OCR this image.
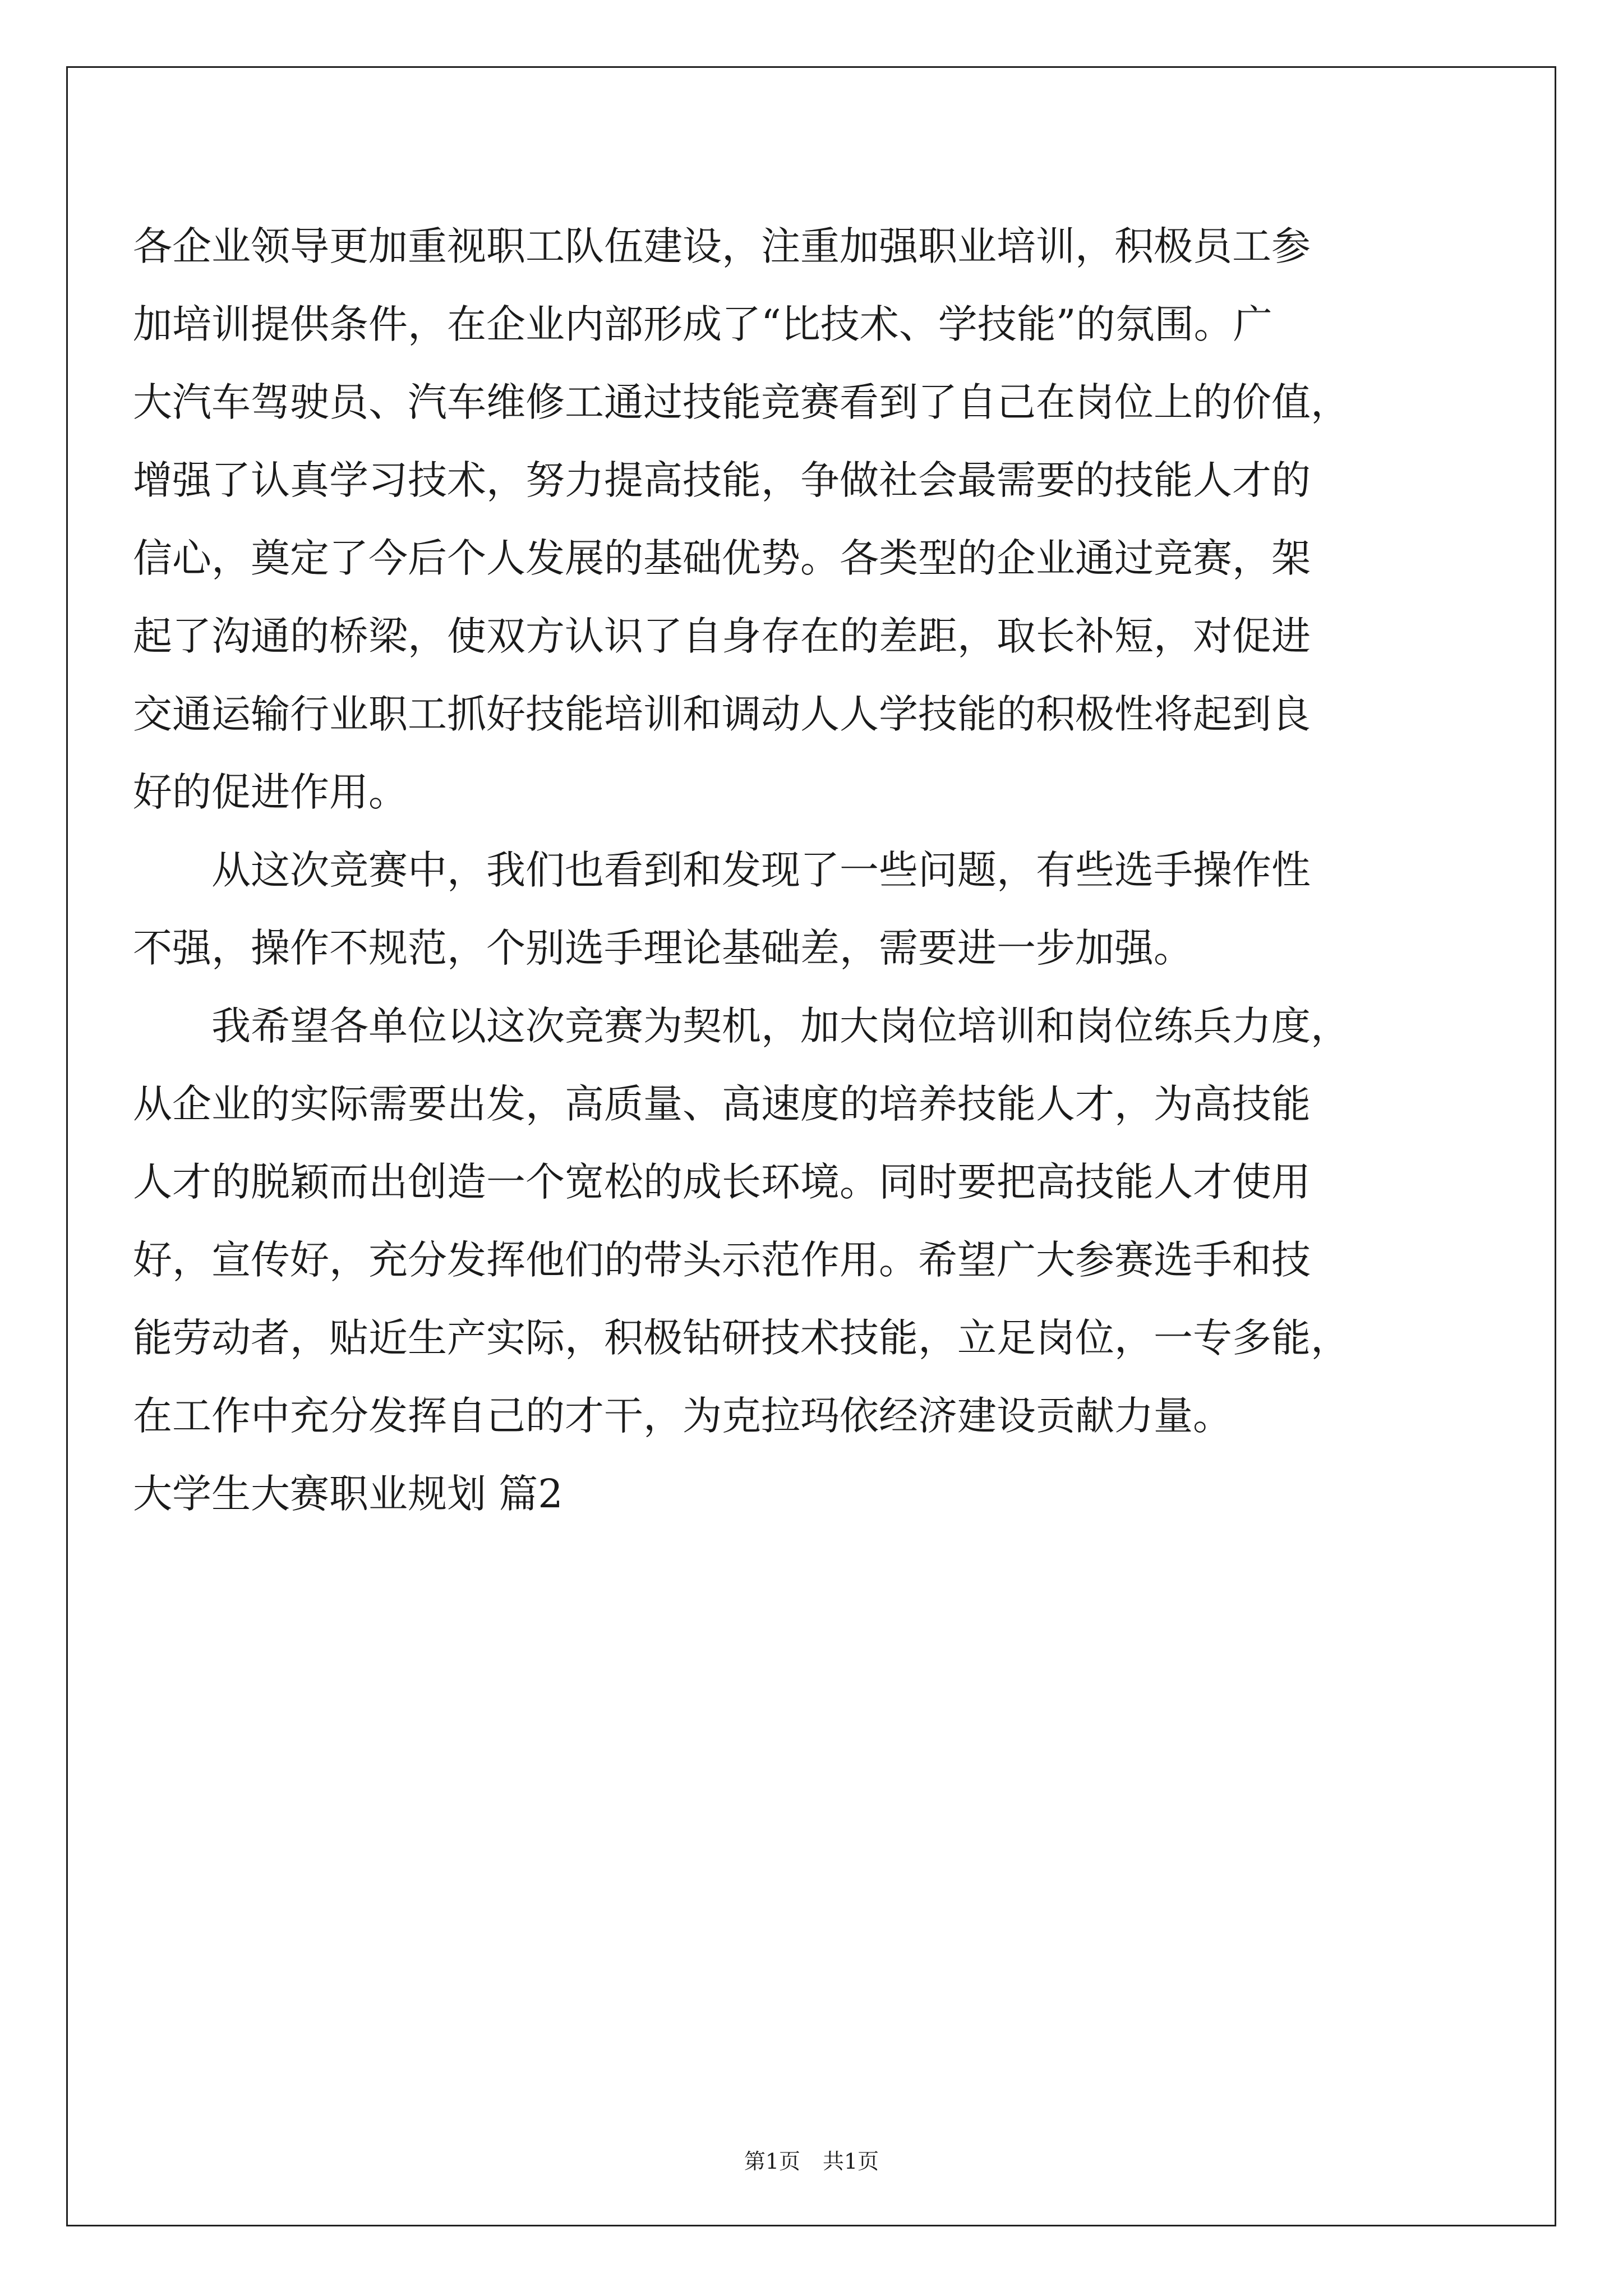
各企业领导更加重视职工队伍建设，注重加强职业培训，积极员工参
加培训提供条件，在企业内部形成了“比技术、学技能”的氛围。广
大汽车驾驶员、汽车维修工通过技能竞赛看到了自己在岗位上的价值，
增强了认真学习技术，努力提高技能，争做社会最需要的技能人才的
信心，奠定了今后个人发展的基础优势。各类型的企业通过竞赛，架
起了沟通的桥梁，使双方认识了自身存在的差距，取长补短，对促进
交通运输行业职工抓好技能培训和调动人人学技能的积极性将起到良
好的促进作用。
从这次竞赛中，我们也看到和发现了一些问题，有些选手操作性
不强，操作不规范，个别选手理论基础差，需要进一步加强。
我希望各单位以这次竞赛为契机，加大岗位培训和岗位练兵力度，
从企业的实际需要出发，高质量、高速度的培养技能人才，为高技能
人才的脱颖而出创造一个宽松的成长环境。同时要把高技能人才使用
好，宣传好，充分发挥他们的带头示范作用。希望广大参赛选手和技
能劳动者，贴近生产实际，积极钻研技术技能，立足岗位，一专多能，
在工作中充分发挥自己的才干，为克拉玛依经济建设贡献力量。
大学生大赛职业规划 篇2
第1页 共1页
